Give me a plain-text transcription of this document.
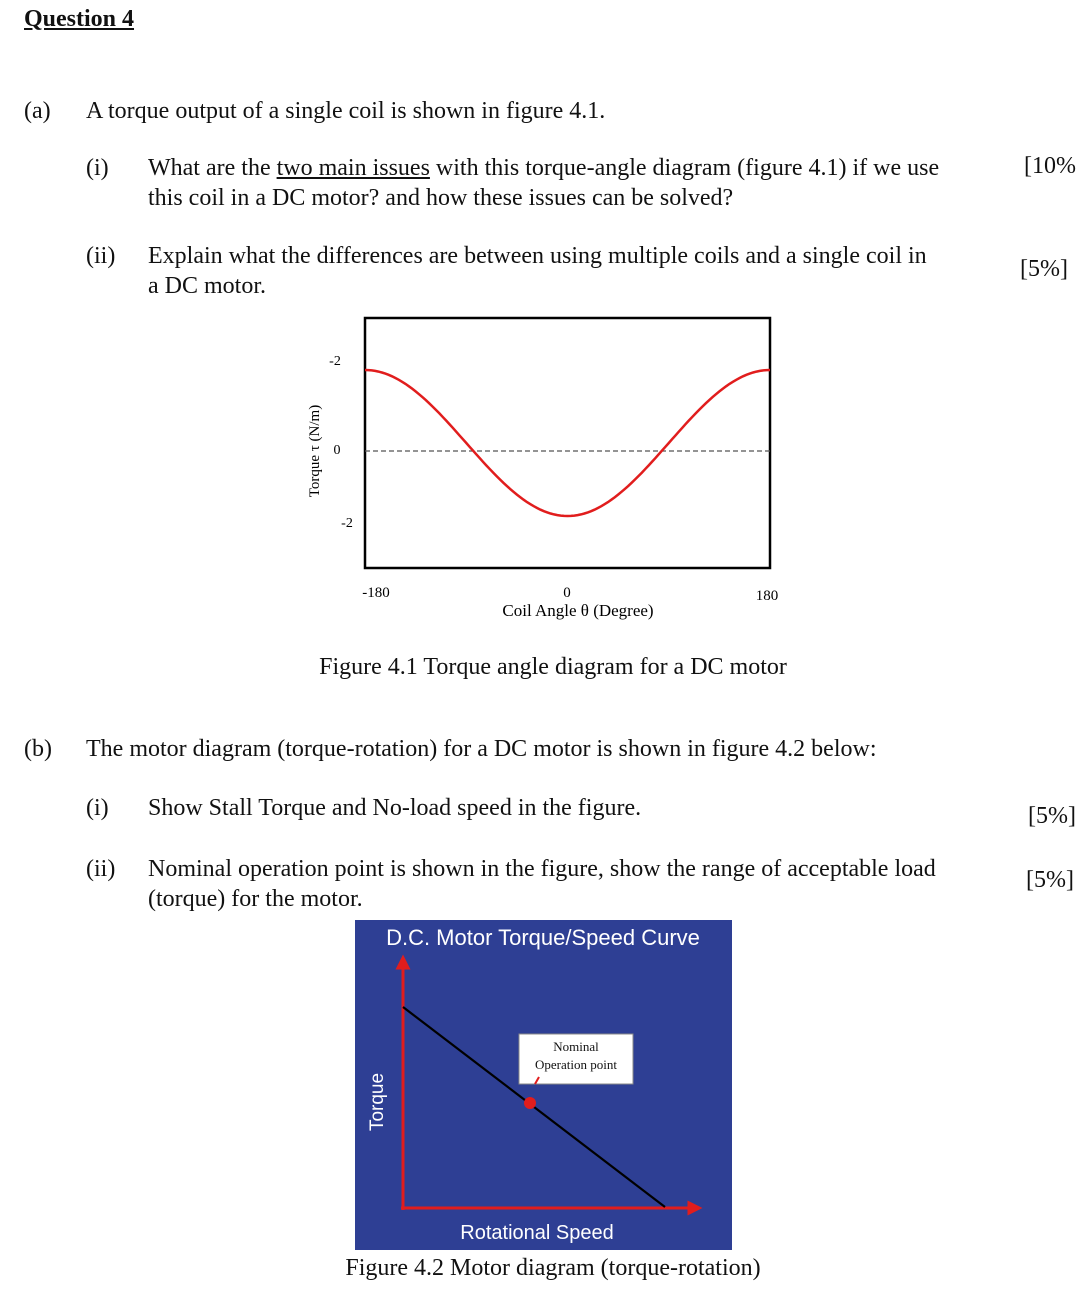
Question 4
(a) A torque output of a single coil is shown in figure 4.1.
(i) What are the two main issues with this torque-angle diagram (figure 4.1) if we use
this coil in a DC motor? and how these issues can be solved?
[10%
(ii) Explain what the differences are between using multiple coils and a single coil in
a DC motor.
[5%]
-2
0
-2
Torque τ (N/m)
-180	0	180
Coil Angle θ (Degree)
Figure 4.1 Torque angle diagram for a DC motor
(b) The motor diagram (torque-rotation) for a DC motor is shown in figure 4.2 below:
(i) Show Stall Torque and No-load speed in the figure.	[5%]
(ii) Nominal operation point is shown in the figure, show the range of acceptable load
(torque) for the motor.
[5%]
D.C. Motor Torque/Speed Curve
Nominal
Operation point
Torque
Rotational Speed
Figure 4.2 Motor diagram (torque-rotation)
